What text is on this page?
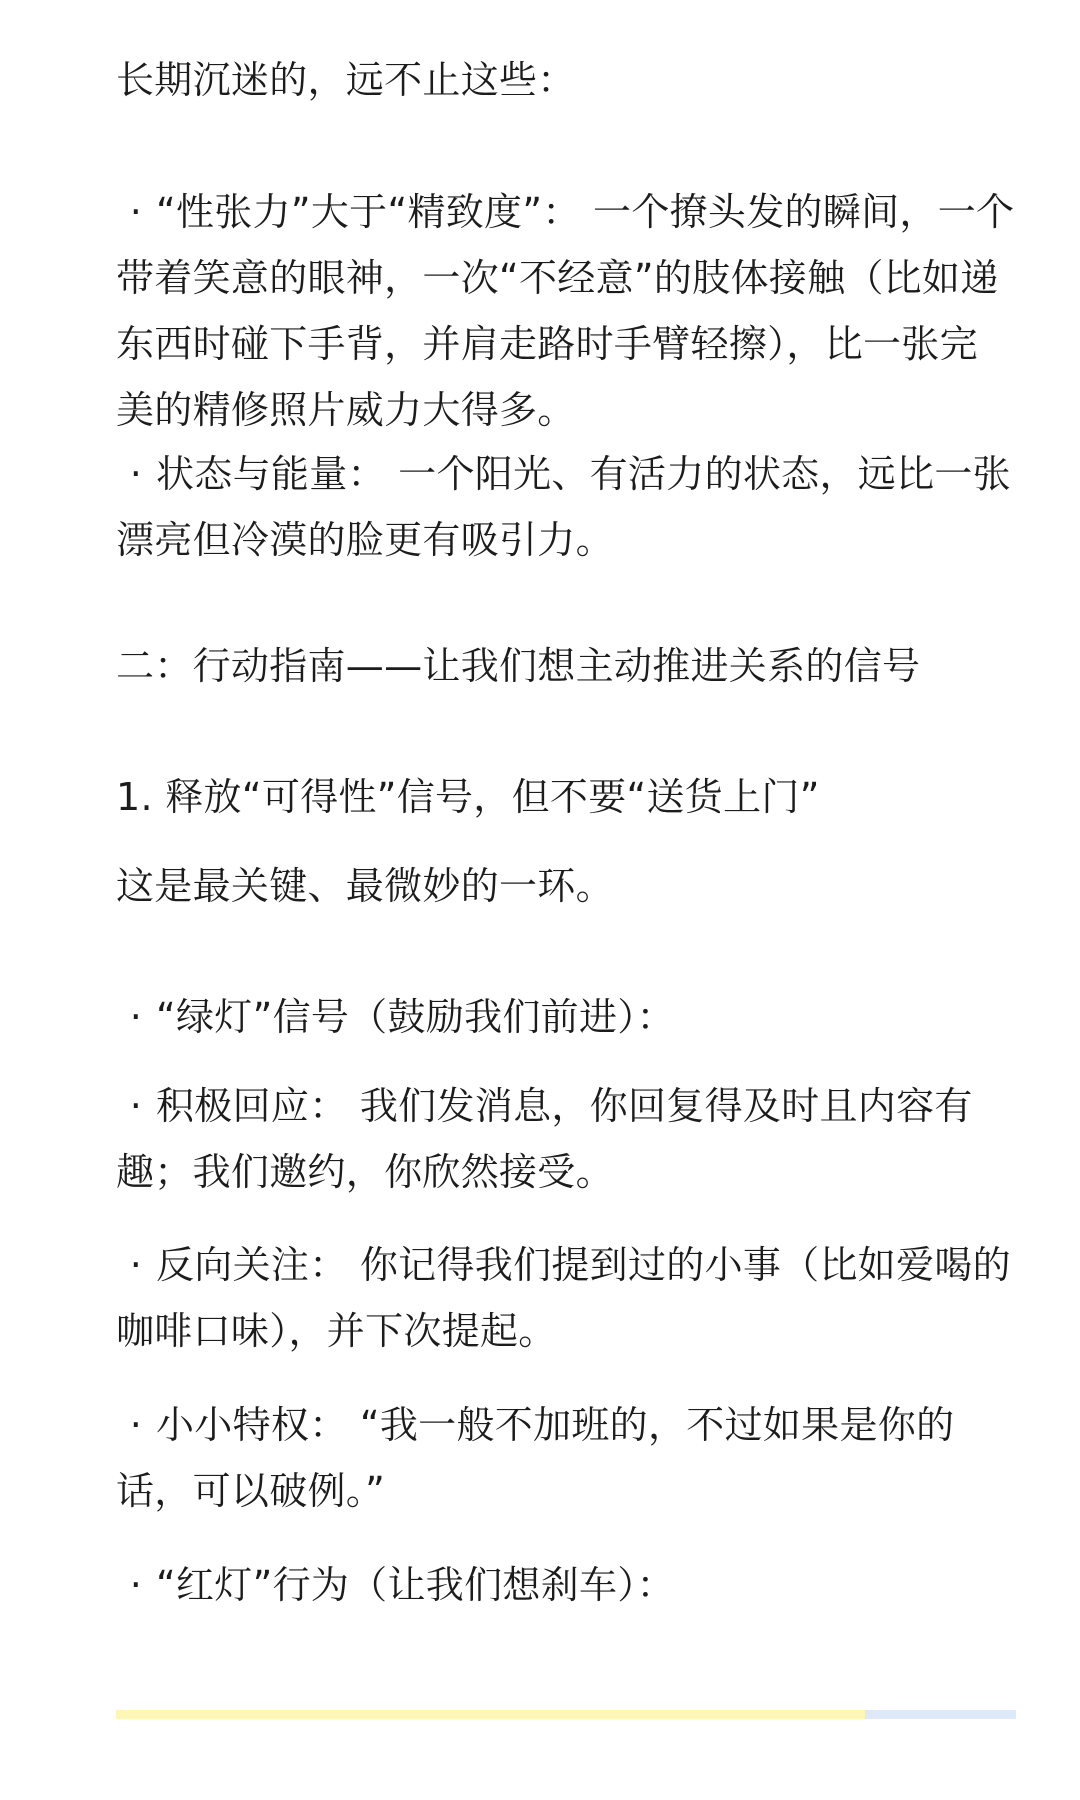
长期沉迷的，远不止这些：

· “性张力”大于“精致度”： 一个撩头发的瞬间，一个带着笑意的眼神，一次“不经意”的肢体接触（比如递东西时碰下手背，并肩走路时手臂轻擦），比一张完美的精修照片威力大得多。

· 状态与能量： 一个阳光、有活力的状态，远比一张漂亮但冷漠的脸更有吸引力。

二：行动指南——让我们想主动推进关系的信号

1. 释放“可得性”信号，但不要“送货上门”

这是最关键、最微妙的一环。

· “绿灯”信号（鼓励我们前进）：

· 积极回应： 我们发消息，你回复得及时且内容有趣；我们邀约，你欣然接受。

· 反向关注： 你记得我们提到过的小事（比如爱喝的咖啡口味），并下次提起。

· 小小特权： “我一般不加班的，不过如果是你的话，可以破例。”

· “红灯”行为（让我们想刹车）：
